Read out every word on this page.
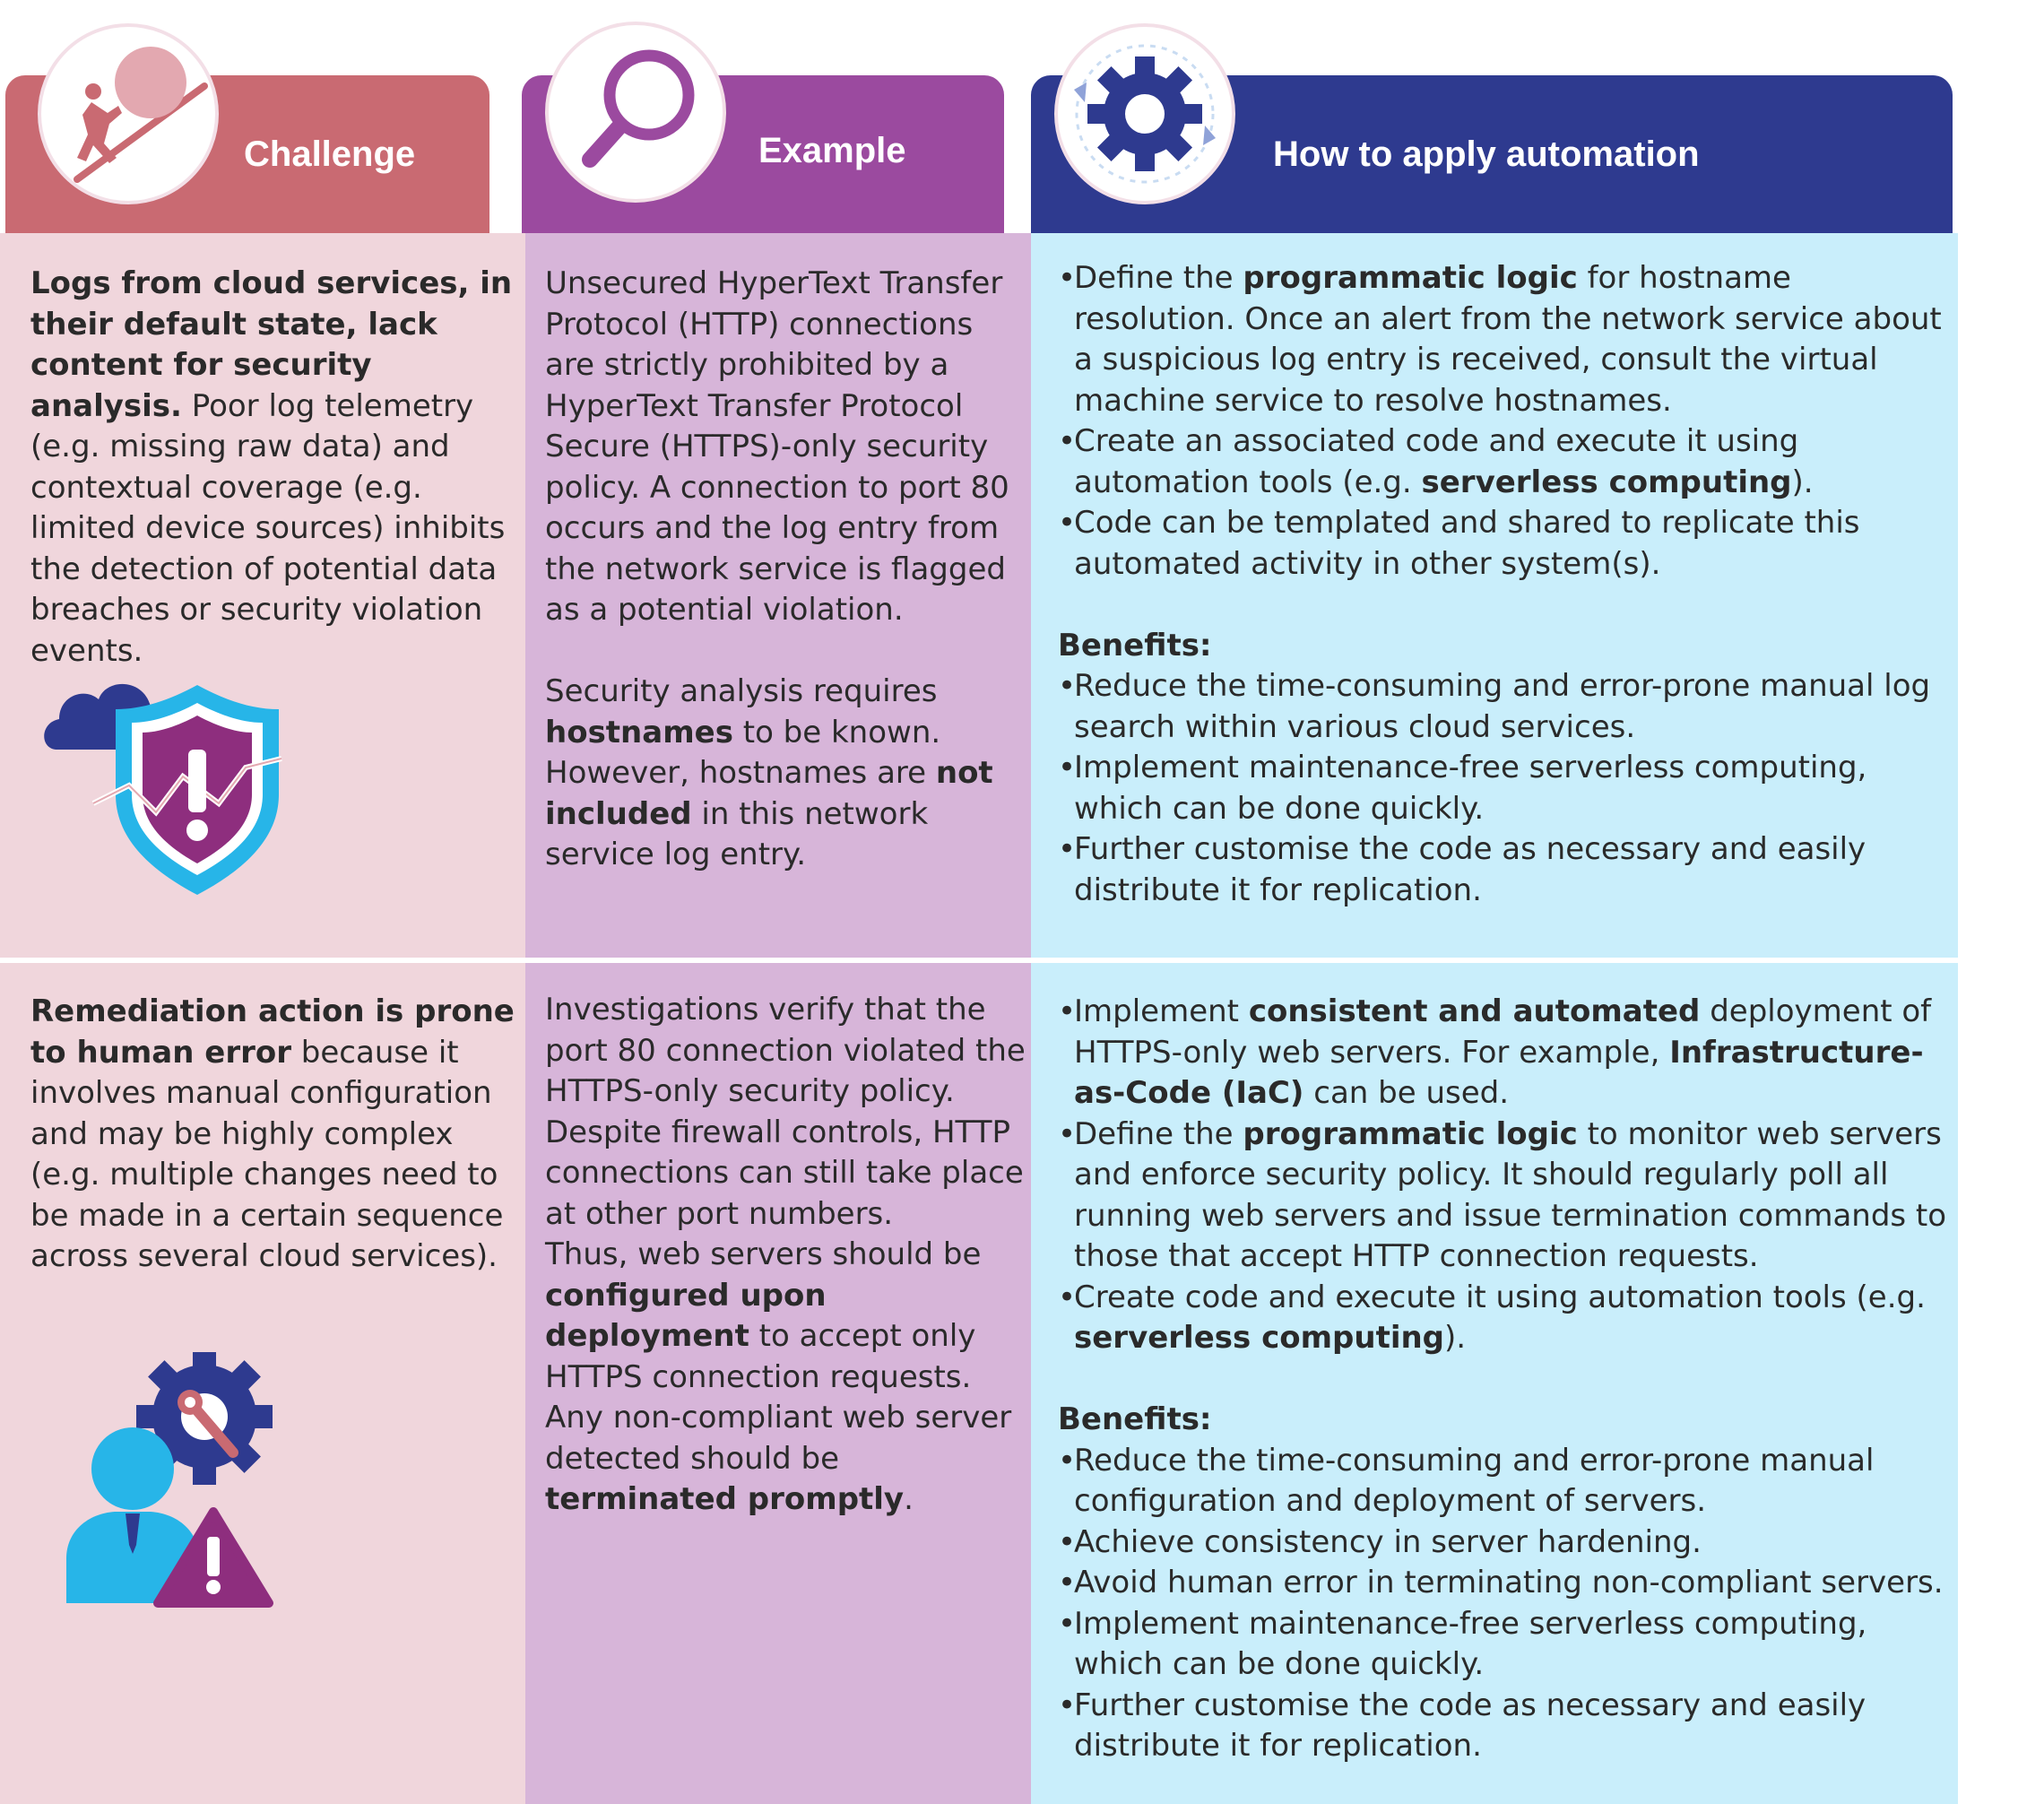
Challenge	Example	How to apply automation

Logs from cloud services, in their default state, lack content for security analysis. Poor log telemetry (e.g. missing raw data) and contextual coverage (e.g. limited device sources) inhibits the detection of potential data breaches or security violation events.

Unsecured HyperText Transfer Protocol (HTTP) connections are strictly prohibited by a HyperText Transfer Protocol Secure (HTTPS)-only security policy. A connection to port 80 occurs and the log entry from the network service is flagged as a potential violation.

Security analysis requires hostnames to be known. However, hostnames are not included in this network service log entry.

• Define the programmatic logic for hostname resolution. Once an alert from the network service about a suspicious log entry is received, consult the virtual machine service to resolve hostnames.

• Create an associated code and execute it using automation tools (e.g. serverless computing).

• Code can be templated and shared to replicate this automated activity in other system(s).

Benefits:

• Reduce the time-consuming and error-prone manual log search within various cloud services.

• Implement maintenance-free serverless computing, which can be done quickly.

• Further customise the code as necessary and easily distribute it for replication.

Remediation action is prone to human error because it involves manual configuration and may be highly complex (e.g. multiple changes need to be made in a certain sequence across several cloud services).

Investigations verify that the port 80 connection violated the HTTPS-only security policy. Despite firewall controls, HTTP connections can still take place at other port numbers.

Thus, web servers should be configured upon deployment to accept only HTTPS connection requests. Any non-compliant web server detected should be terminated promptly.

• Implement consistent and automated deployment of HTTPS-only web servers. For example, Infrastructure-as-Code (IaC) can be used.

• Define the programmatic logic to monitor web servers and enforce security policy. It should regularly poll all running web servers and issue termination commands to those that accept HTTP connection requests.

• Create code and execute it using automation tools (e.g. serverless computing).

Benefits:

• Reduce the time-consuming and error-prone manual configuration and deployment of servers.

• Achieve consistency in server hardening.

• Avoid human error in terminating non-compliant servers.

• Implement maintenance-free serverless computing, which can be done quickly.

• Further customise the code as necessary and easily distribute it for replication.
